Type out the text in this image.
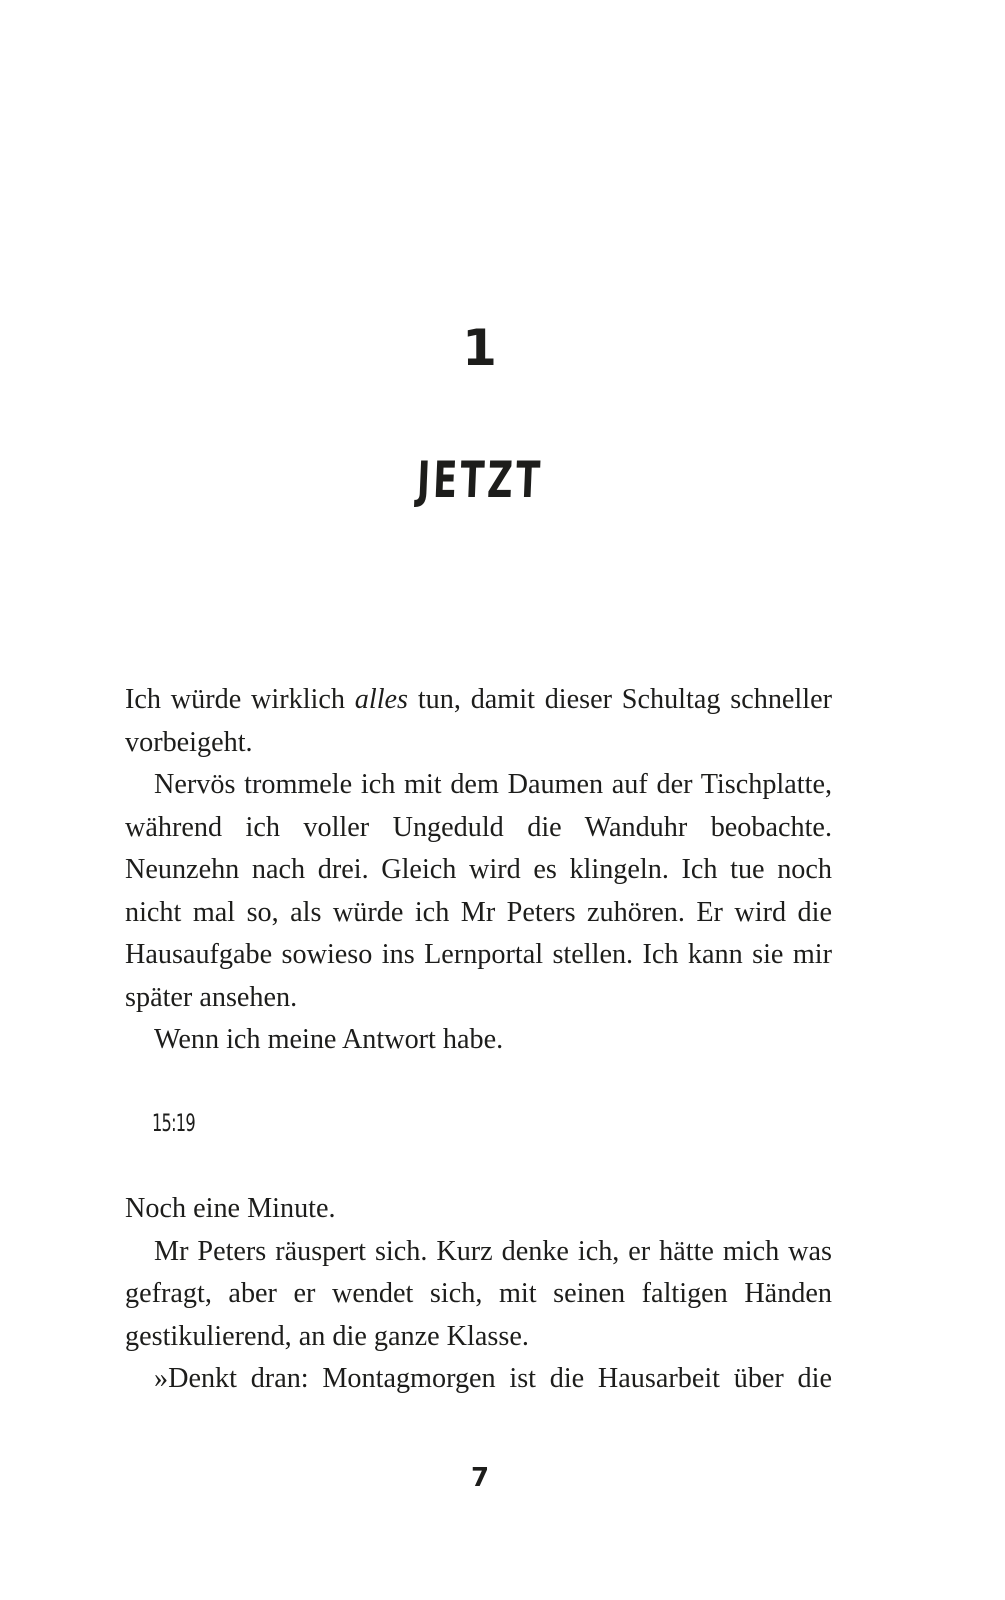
1
JETZT

Ich würde wirklich alles tun, damit dieser Schultag schneller vorbeigeht.

Nervös trommele ich mit dem Daumen auf der Tischplatte, während ich voller Ungeduld die Wanduhr beobachte. Neunzehn nach drei. Gleich wird es klingeln. Ich tue noch nicht mal so, als würde ich Mr Peters zuhören. Er wird die Hausaufgabe sowieso ins Lernportal stellen. Ich kann sie mir später ansehen.

Wenn ich meine Antwort habe.

15:19

Noch eine Minute.

Mr Peters räuspert sich. Kurz denke ich, er hätte mich was gefragt, aber er wendet sich, mit seinen faltigen Händen gestikulierend, an die ganze Klasse.

»Denkt dran: Montagmorgen ist die Hausarbeit über die

7
